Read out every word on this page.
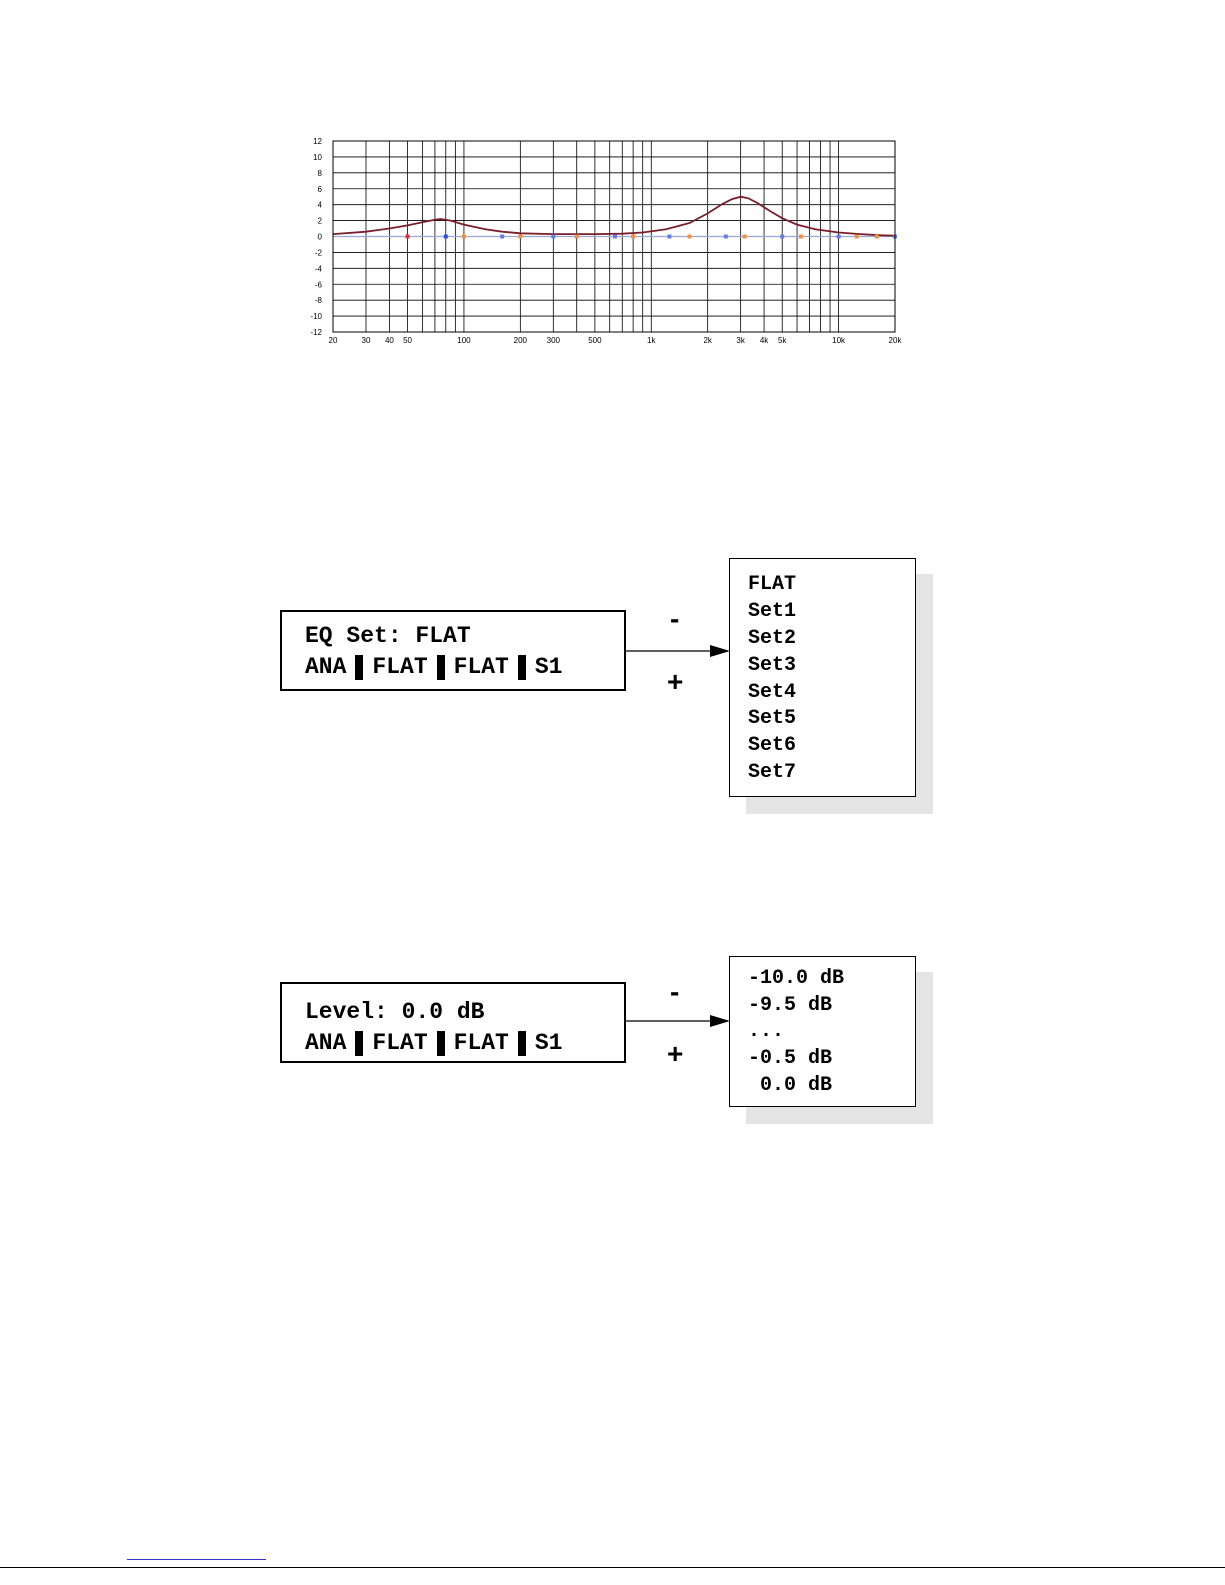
12
10
8
6
4
2
0
-2
-4
-6
-8
-10
-12
20	30 40 50	100	200 300	500	1k	2k	3k 4k 5k	10k	20k
EQ Set: FLAT
ANA FLAT FLAT S1
-
+
FLAT
Set1
Set2
Set3
Set4
Set5
Set6
Set7
Level: 0.0 dB
ANA FLAT FLAT S1
-
+
-10.0 dB
-9.5 dB
...
-0.5 dB
0.0 dB
